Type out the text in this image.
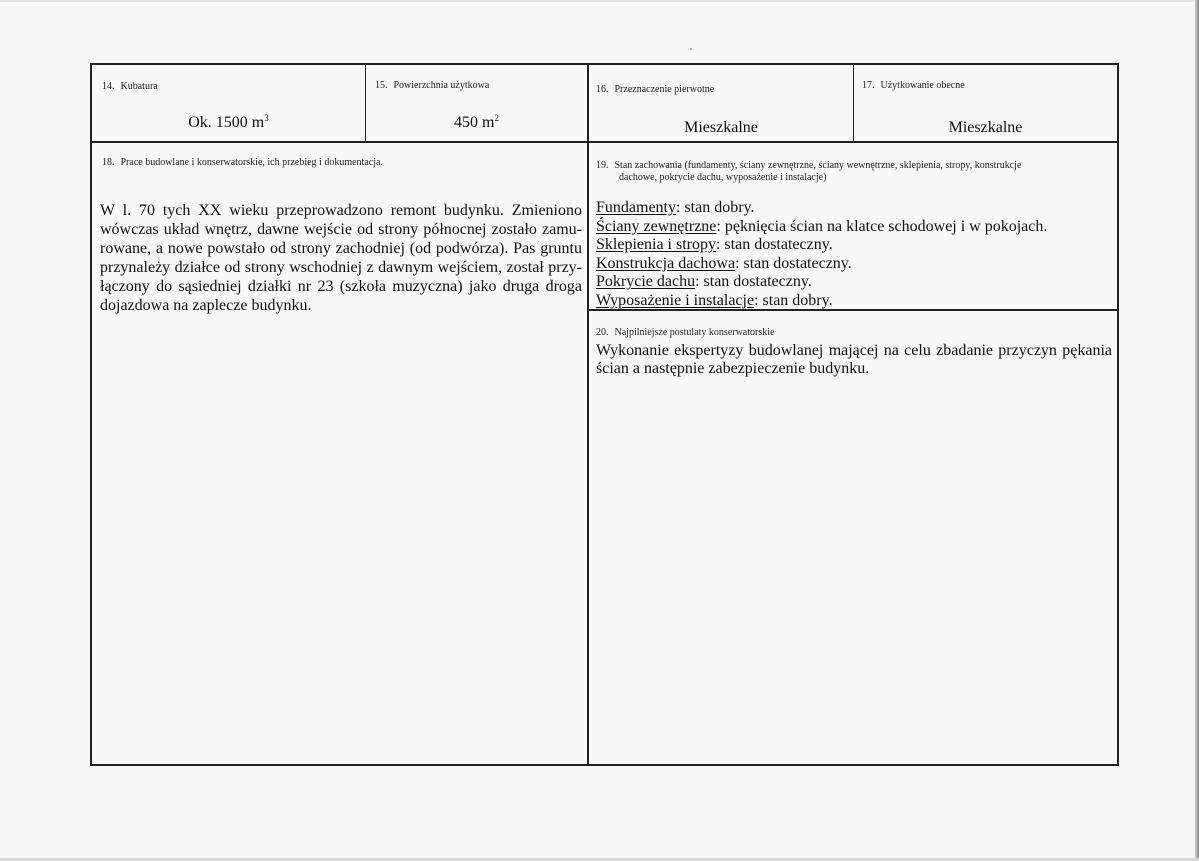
14. Kubatura
Ok. 1500 $m^3$
15. Powierzchnia użytkowa
450 $m^2$
16. Przeznaczenie pierwotne
Mieszkalne
17. Użytkowanie obecne
Mieszkalne
18. Prace budowlane i konserwatorskie, ich przebieg i dokumentacja.
W l. 70 tych XX wieku przeprowadzono remont budynku. Zmieniono wówczas układ wnętrz, dawne wejście od strony północnej zostało zamurowane, a nowe powstało od strony zachodniej (od podwórza). Pas gruntu przynależy działce od strony wschodniej z dawnym wejściem, został przyłączony do sąsiedniej działki nr 23 (szkoła muzyczna) jako druga droga dojazdowa na zaplecze budynku.
19. Stan zachowania (fundamenty, ściany zewnętrzne, ściany wewnętrzne, sklepienia, stropy, konstrukcje
dachowe, pokrycie dachu, wyposażenie i instalacje)
Fundamenty: stan dobry.
Ściany zewnętrzne: pęknięcia ścian na klatce schodowej i w pokojach.
Sklepienia i stropy: stan dostateczny.
Konstrukcja dachowa: stan dostateczny.
Pokrycie dachu: stan dostateczny.
Wyposażenie i instalacje: stan dobry.
20. Najpilniejsze postulaty konserwatorskie
Wykonanie ekspertyzy budowlanej mającej na celu zbadanie przyczyn pękania ścian a następnie zabezpieczenie budynku.
